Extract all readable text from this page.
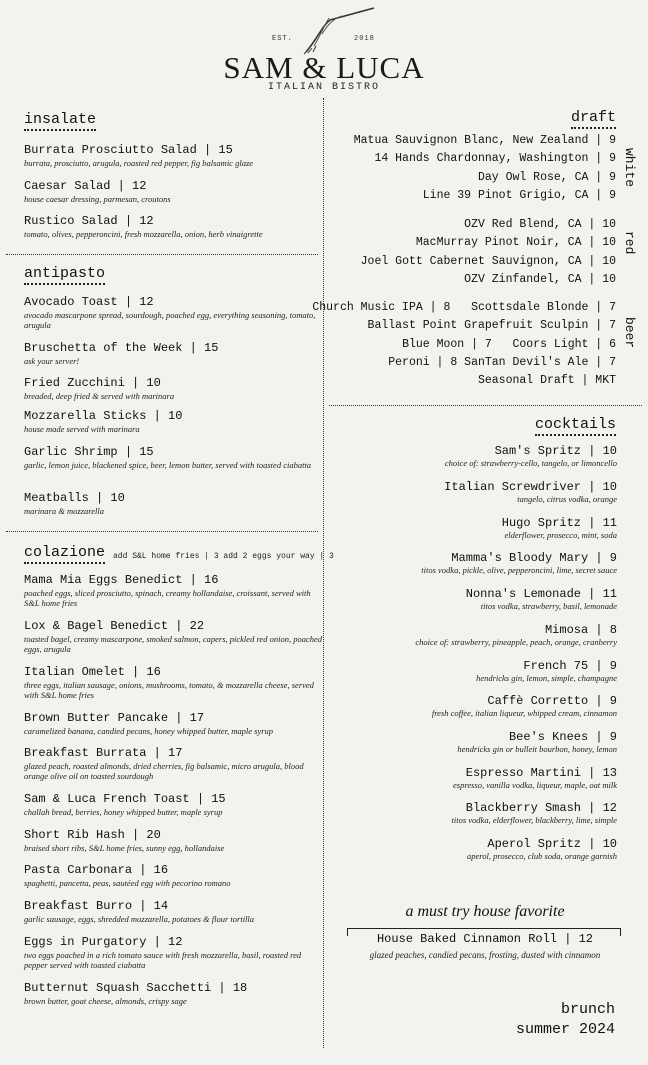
EST.	2018
SAM & LUCA
ITALIAN BISTRO
insalate
Burrata Prosciutto Salad | 15
burrata, prosciutto, arugula, roasted red pepper, fig balsamic glaze
Caesar Salad | 12
house caesar dressing, parmesan, croutons
Rustico Salad | 12
tomato, olives, pepperoncini, fresh mozzarella, onion, herb vinaigrette
antipasto
Avocado Toast | 12
avocado mascarpone spread, sourdough, poached egg, everything seasoning, tomato, arugula
Bruschetta of the Week | 15
ask your server!
Fried Zucchini | 10
breaded, deep fried & served with marinara
Mozzarella Sticks | 10
house made served with marinara
Garlic Shrimp | 15
garlic, lemon juice, blackened spice, beer, lemon butter, served with toasted ciabatta
Meatballs | 10
marinara & mozzarella
colazione add S&L home fries | 3 add 2 eggs your way | 3
Mama Mia Eggs Benedict | 16
poached eggs, sliced prosciutto, spinach, creamy hollandaise, croissant, served with S&L home fries
Lox & Bagel Benedict | 22
toasted bagel, creamy mascarpone, smoked salmon, capers, pickled red onion, poached eggs, arugula
Italian Omelet | 16
three eggs, italian sausage, onions, mushrooms, tomato, & mozzarella cheese, served with S&L home fries
Brown Butter Pancake | 17
caramelized banana, candied pecans, honey whipped butter, maple syrup
Breakfast Burrata | 17
glazed peach, roasted almonds, dried cherries, fig balsamic, micro arugula, blood orange olive oil on toasted sourdough
Sam & Luca French Toast | 15
challah bread, berries, honey whipped butter, maple syrup
Short Rib Hash | 20
braised short ribs, S&L home fries, sunny egg, hollandaise
Pasta Carbonara | 16
spaghetti, pancetta, peas, sautéed egg with pecorino romano
Breakfast Burro | 14
garlic sausage, eggs, shredded mozzarella, potatoes & flour tortilla
Eggs in Purgatory | 12
two eggs poached in a rich tomato sauce with fresh mozzarella, basil, roasted red pepper served with toasted ciabatta
Butternut Squash Sacchetti | 18
brown butter, goat cheese, almonds, crispy sage
draft
Matua Sauvignon Blanc, New Zealand | 9
14 Hands Chardonnay, Washington | 9
Day Owl Rose, CA | 9
Line 39 Pinot Grigio, CA | 9
white
OZV Red Blend, CA | 10
MacMurray Pinot Noir, CA | 10
Joel Gott Cabernet Sauvignon, CA | 10
OZV Zinfandel, CA | 10
red
Church Music IPA | 8   Scottsdale Blonde | 7
Ballast Point Grapefruit Sculpin | 7
Blue Moon | 7   Coors Light | 6
Peroni | 8 SanTan Devil's Ale | 7
Seasonal Draft | MKT
beer
cocktails
Sam's Spritz | 10
choice of: strawberry-cello, tangelo, or limoncello
Italian Screwdriver | 10
tangelo, citrus vodka, orange
Hugo Spritz | 11
elderflower, prosecco, mint, soda
Mamma's Bloody Mary | 9
titos vodka, pickle, olive, pepperoncini, lime, secret sauce
Nonna's Lemonade | 11
titos vodka, strawberry, basil, lemonade
Mimosa | 8
choice of: strawberry, pineapple, peach, orange, cranberry
French 75 | 9
hendricks gin, lemon, simple, champagne
Caffè Corretto | 9
fresh coffee, italian liqueur, whipped cream, cinnamon
Bee's Knees | 9
hendricks gin or bulleit bourbon, honey, lemon
Espresso Martini | 13
espresso, vanilla vodka, liqueur, maple, oat milk
Blackberry Smash | 12
titos vodka, elderflower, blackberry, lime, simple
Aperol Spritz | 10
aperol, prosecco, club soda, orange garnish
a must try house favorite
House Baked Cinnamon Roll | 12
glazed peaches, candied pecans, frosting, dusted with cinnamon
brunch
summer 2024
